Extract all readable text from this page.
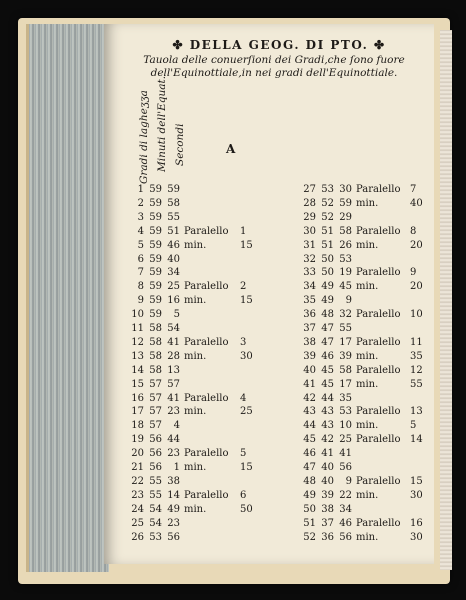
✤ DELLA GEOG. DI PTO. ✤
Tauola delle conuerſioni dei Gradi,che ſono fuore
dell'Equinottiale,in nei gradi dell'Equinottiale.
Gradi di lagheʒʒa Minuti dell'Equat. Secondi	A
1 59 59
2 59 58
3 59 55
4 59 51 Paralello 1
5 59 46 min.	15
6 59 40
7 59 34
8 59 25 Paralello 2
9 59 16 min.	15
10 59	5
11 58 54
12 58 41 Paralello 3
13 58 28 min.	30
14 58 13
15 57 57
16 57 41 Paralello 4
17 57 23 min.	25
18 57	4
19 56 44
20 56 23 Paralello 5
21 56	1 min.	15
22 55 38
23 55 14 Paralello 6
24 54 49 min.	50
25 54 23
26 53 56
27 53 30 Paralello 7
28 52 59 min.	40
29 52 29
30 51 58 Paralello 8
31 51 26 min.	20
32 50 53
33 50 19 Paralello 9
34 49 45 min.	20
35 49	9
36 48 32 Paralello 10
37 47 55
38 47 17 Paralello 11
39 46 39 min.	35
40 45 58 Paralello 12
41 45 17 min.	55
42 44 35
43 43 53 Paralello 13
44 43 10 min.	5
45 42 25 Paralello 14
46 41 41
47 40 56
48 40	9 Paralello 15
49 39 22 min.	30
50 38 34
51 37 46 Paralello 16
52 36 56 min.	30
